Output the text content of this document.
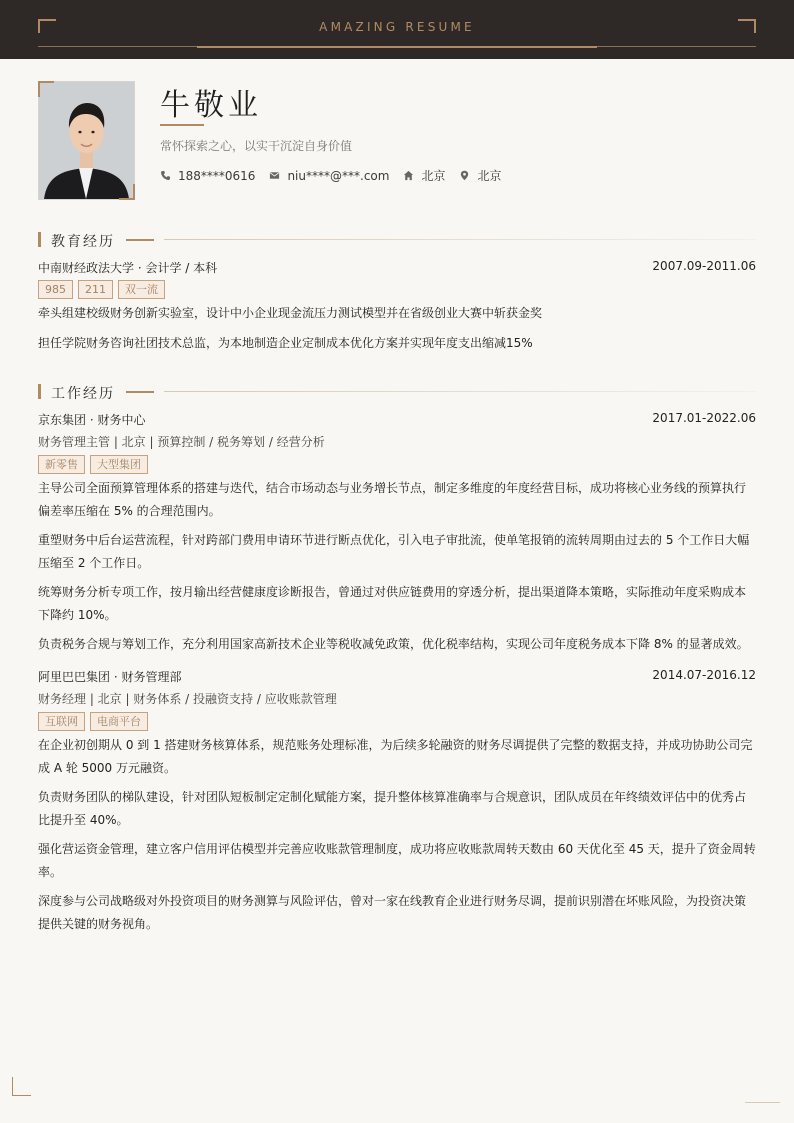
AMAZING RESUME
牛敬业
常怀探索之心，以实干沉淀自身价值
188****0616	niu****@***.com	北京	北京
教育经历
中南财经政法大学 · 会计学 / 本科	2007.09-2011.06
985	211	双一流
牵头组建校级财务创新实验室，设计中小企业现金流压力测试模型并在省级创业大赛中斩获金奖
担任学院财务咨询社团技术总监，为本地制造企业定制成本优化方案并实现年度支出缩减15%
工作经历
京东集团 · 财务中心	2017.01-2022.06
财务管理主管 | 北京 | 预算控制 / 税务筹划 / 经营分析
新零售	大型集团
主导公司全面预算管理体系的搭建与迭代，结合市场动态与业务增长节点，制定多维度的年度经营目标，成功将核心业务线的预算执行偏差率压缩在 5% 的合理范围内。
重塑财务中后台运营流程，针对跨部门费用申请环节进行断点优化，引入电子审批流，使单笔报销的流转周期由过去的 5 个工作日大幅压缩至 2 个工作日。
统筹财务分析专项工作，按月输出经营健康度诊断报告，曾通过对供应链费用的穿透分析，提出渠道降本策略，实际推动年度采购成本下降约 10%。
负责税务合规与筹划工作，充分利用国家高新技术企业等税收减免政策，优化税率结构，实现公司年度税务成本下降 8% 的显著成效。
阿里巴巴集团 · 财务管理部	2014.07-2016.12
财务经理 | 北京 | 财务体系 / 投融资支持 / 应收账款管理
互联网	电商平台
在企业初创期从 0 到 1 搭建财务核算体系，规范账务处理标准，为后续多轮融资的财务尽调提供了完整的数据支持，并成功协助公司完成 A 轮 5000 万元融资。
负责财务团队的梯队建设，针对团队短板制定定制化赋能方案，提升整体核算准确率与合规意识，团队成员在年终绩效评估中的优秀占比提升至 40%。
强化营运资金管理，建立客户信用评估模型并完善应收账款管理制度，成功将应收账款周转天数由 60 天优化至 45 天，提升了资金周转率。
深度参与公司战略级对外投资项目的财务测算与风险评估，曾对一家在线教育企业进行财务尽调，提前识别潜在坏账风险，为投资决策提供关键的财务视角。
